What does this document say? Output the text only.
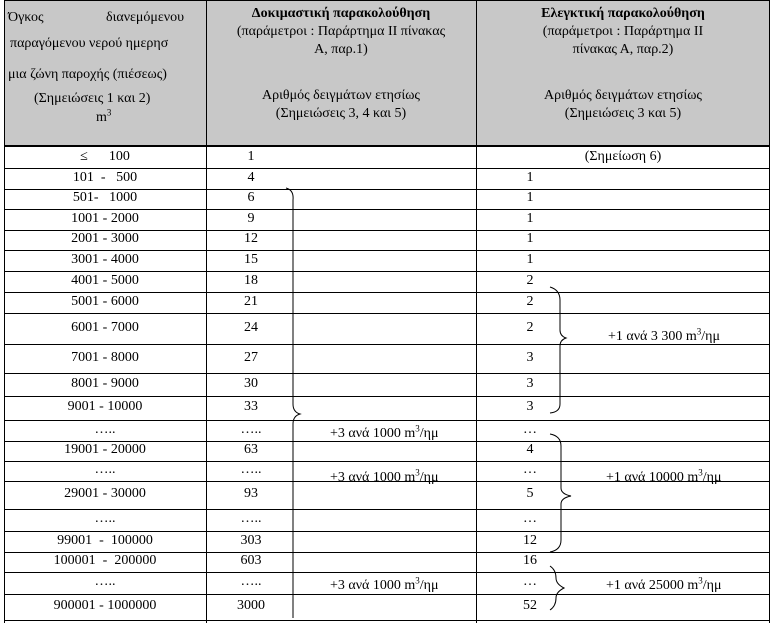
Όγκος	διανεμόμενου
παραγόμενου νερού ημερησ
μια ζώνη παροχής (πιέσεως)
(Σημειώσεις 1 και 2)
$m^3$
Δοκιμαστική παρακολούθηση
(παράμετροι : Παράρτημα ΙΙ πίνακας
Α, παρ.1)
Αριθμός δειγμάτων ετησίως
(Σημειώσεις 3, 4 και 5)
Ελεγκτική παρακολούθηση
(παράμετροι : Παράρτημα ΙΙ
πίνακας Α, παρ.2)
Αριθμός δειγμάτων ετησίως
(Σημειώσεις 3 και 5)
≤      100	1	(Σημείωση 6)
101  -   500	4	1
501-   1000	6	1
1001 - 2000	9	1
2001 - 3000	12	1
3001 - 4000	15	1
4001 - 5000	18	2
5001 - 6000	21	2
6001 - 7000	24	2
7001 - 8000	27	3
8001 - 9000	30	3
9001 - 10000	33	3
…..	…..	…
19001 - 20000	63	4
…..	…..	…
29001 - 30000	93	5
…..	…..	…
99001  -  100000	303	12
100001  -  200000	603	16
…..	…..	…
900001 - 1000000	3000	52
+3 ανά 1000 $m^3/\eta\mu$
+3 ανά 1000 $m^3/\eta\mu$
+3 ανά 1000 $m^3/\eta\mu$
+1 ανά 3 300 $m^3/\eta\mu$
+1 ανά 10000 $m^3/\eta\mu$
+1 ανά 25000 $m^3/\eta\mu$
